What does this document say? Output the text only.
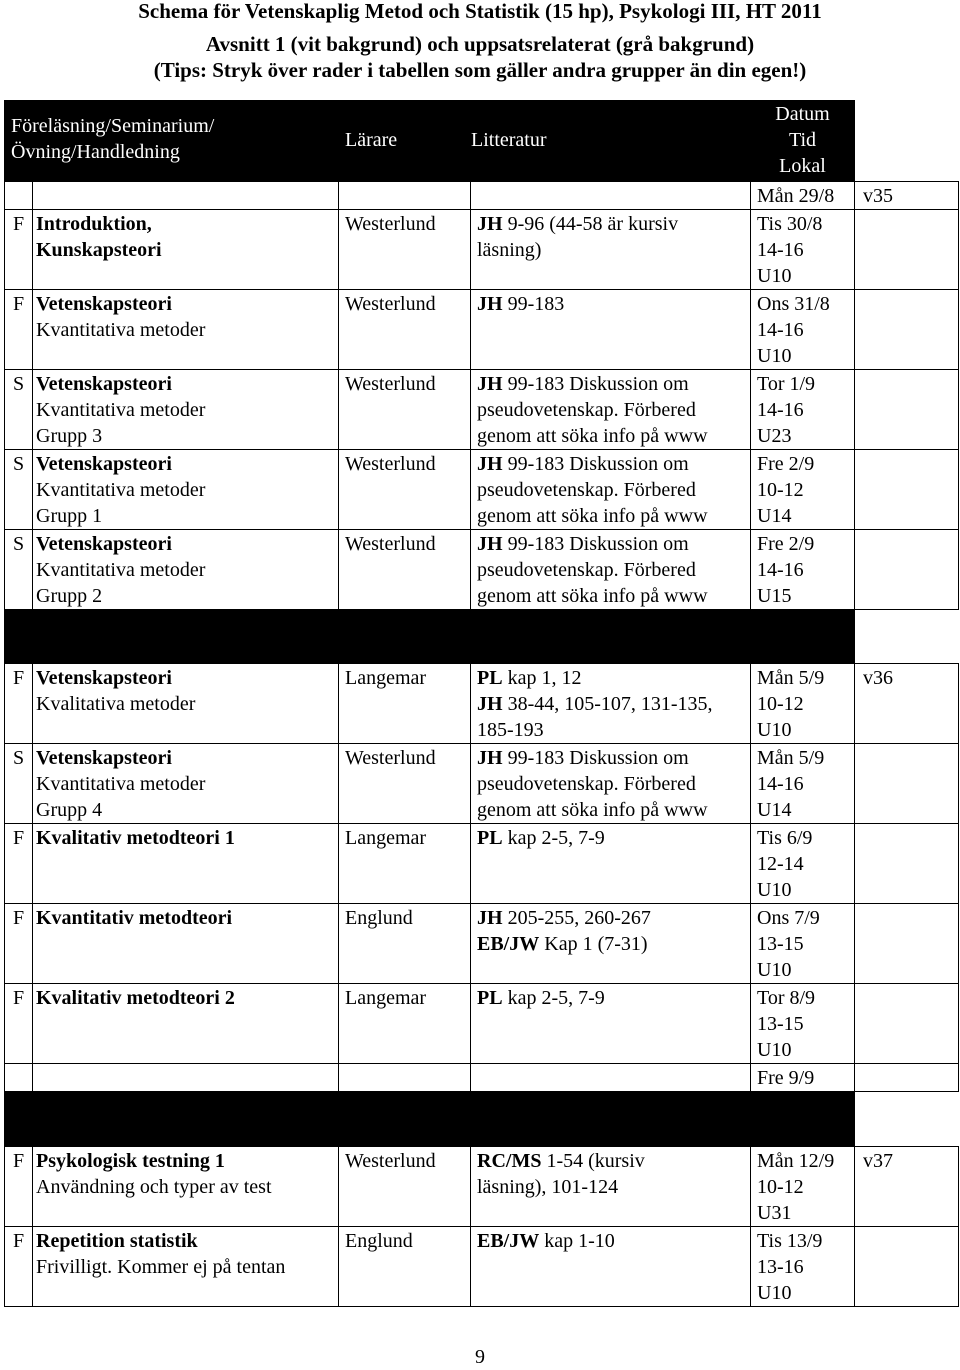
Schema för Vetenskaplig Metod och Statistik (15 hp), Psykologi III, HT 2011
Avsnitt 1 (vit bakgrund) och uppsatsrelaterat (grå bakgrund)
(Tips: Stryk över rader i tabellen som gäller andra grupper än din egen!)
Föreläsning/Seminarium/
Övning/Handledning		Lärare	Litteratur	Datum
Tid
Lokal	

				Mån 29/8	v35
F	Introduktion,
Kunskapsteori	Westerlund	JH 9-96 (44-58 är kursiv
läsning)	Tis 30/8
14-16
U10	

F	Vetenskapsteori
Kvantitativa metoder	Westerlund	JH 99-183	Ons 31/8
14-16
U10	

S	Vetenskapsteori
Kvantitativa metoder
Grupp 3	Westerlund	JH 99-183 Diskussion om
pseudovetenskap. Förbered
genom att söka info på www	Tor 1/9
14-16
U23	

S	Vetenskapsteori
Kvantitativa metoder
Grupp 1	Westerlund	JH 99-183 Diskussion om
pseudovetenskap. Förbered
genom att söka info på www	Fre 2/9
10-12
U14	

S	Vetenskapsteori
Kvantitativa metoder
Grupp 2	Westerlund	JH 99-183 Diskussion om
pseudovetenskap. Förbered
genom att söka info på www	Fre 2/9
14-16
U15	

F	Vetenskapsteori
Kvalitativa metoder	Langemar	PL kap 1, 12
JH 38-44, 105-107, 131-135,
185-193	Mån 5/9
10-12
U10	v36
S	Vetenskapsteori
Kvantitativa metoder
Grupp 4	Westerlund	JH 99-183 Diskussion om
pseudovetenskap. Förbered
genom att söka info på www	Mån 5/9
14-16
U14	

F	Kvalitativ metodteori 1	Langemar	PL kap 2-5, 7-9	Tis 6/9
12-14
U10	

F	Kvantitativ metodteori	Englund	JH 205-255, 260-267
EB/JW Kap 1 (7-31)	Ons 7/9
13-15
U10	

F	Kvalitativ metodteori 2	Langemar	PL kap 2-5, 7-9	Tor 8/9
13-15
U10	

				Fre 9/9	

F	Psykologisk testning 1
Användning och typer av test	Westerlund	RC/MS 1-54 (kursiv
läsning), 101-124	Mån 12/9
10-12
U31	v37
F	Repetition statistik
Frivilligt. Kommer ej på tentan	Englund	EB/JW kap 1-10	Tis 13/9
13-16
U10	

9
